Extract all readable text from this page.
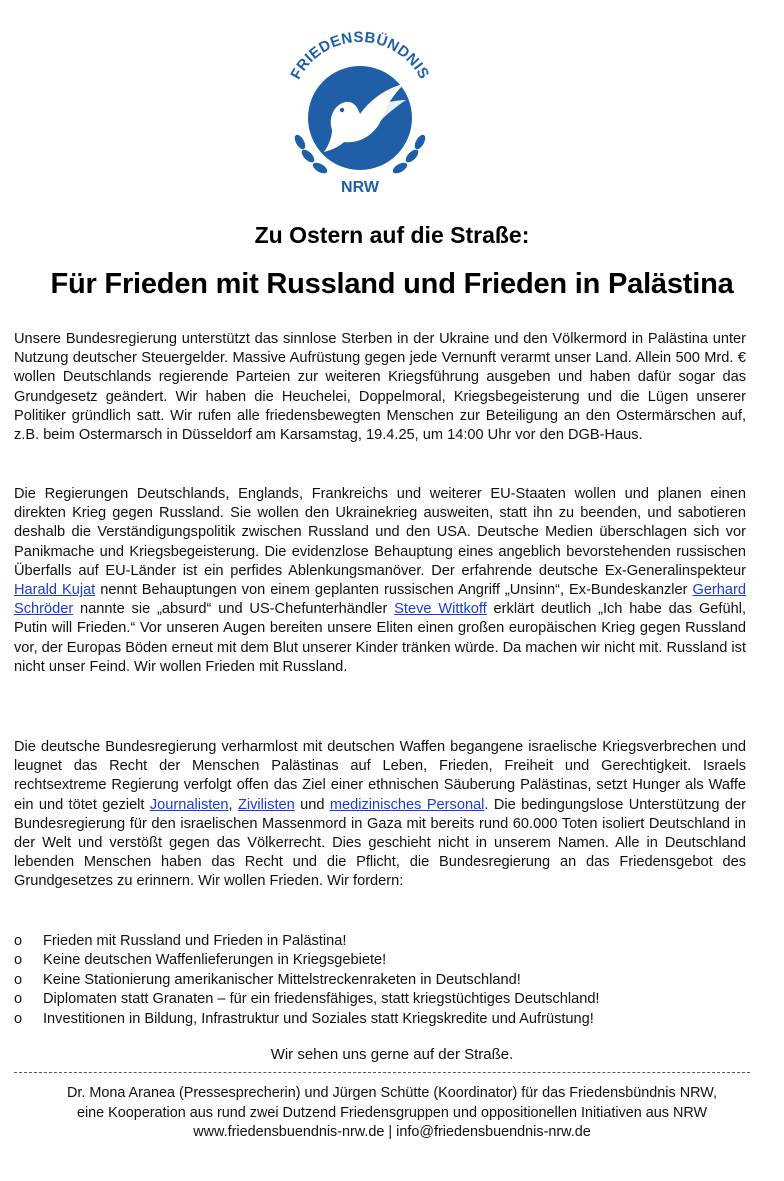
FRIEDENSBÜNDNIS
NRW
Zu Ostern auf die Straße:
Für Frieden mit Russland und Frieden in Palästina

Unsere Bundesregierung unterstützt das sinnlose Sterben in der Ukraine und den Völkermord in Palästina unter Nutzung deutscher Steuergelder. Massive Aufrüstung gegen jede Vernunft verarmt unser Land. Allein 500 Mrd. € wollen Deutschlands regierende Parteien zur weiteren Kriegsführung ausgeben und haben dafür sogar das Grundgesetz geändert. Wir haben die Heuchelei, Doppelmoral, Kriegsbegeisterung und die Lügen unserer Politiker gründlich satt. Wir rufen alle friedensbewegten Menschen zur Beteiligung an den Ostermärschen auf, z.B. beim Ostermarsch in Düsseldorf am Karsamstag, 19.4.25, um 14:00 Uhr vor den DGB-Haus.

Die Regierungen Deutschlands, Englands, Frankreichs und weiterer EU-Staaten wollen und planen einen direkten Krieg gegen Russland. Sie wollen den Ukrainekrieg ausweiten, statt ihn zu beenden, und sabotieren deshalb die Verständigungspolitik zwischen Russland und den USA. Deutsche Medien überschlagen sich vor Panikmache und Kriegsbegeisterung. Die evidenzlose Behauptung eines angeblich bevorstehenden russischen Überfalls auf EU-Länder ist ein perfides Ablenkungsmanöver. Der erfahrende deutsche Ex-Generalinspekteur Harald Kujat nennt Behauptungen von einem geplanten russischen Angriff „Unsinn“, Ex-Bundeskanzler Gerhard Schröder nannte sie „absurd“ und US-Chefunterhändler Steve Wittkoff erklärt deutlich „Ich habe das Gefühl, Putin will Frieden.“ Vor unseren Augen bereiten unsere Eliten einen großen europäischen Krieg gegen Russland vor, der Europas Böden erneut mit dem Blut unserer Kinder tränken würde. Da machen wir nicht mit. Russland ist nicht unser Feind. Wir wollen Frieden mit Russland.

Die deutsche Bundesregierung verharmlost mit deutschen Waffen begangene israelische Kriegsverbrechen und leugnet das Recht der Menschen Palästinas auf Leben, Frieden, Freiheit und Gerechtigkeit. Israels rechtsextreme Regierung verfolgt offen das Ziel einer ethnischen Säuberung Palästinas, setzt Hunger als Waffe ein und tötet gezielt Journalisten, Zivilisten und medizinisches Personal. Die bedingungslose Unterstützung der Bundesregierung für den israelischen Massenmord in Gaza mit bereits rund 60.000 Toten isoliert Deutschland in der Welt und verstößt gegen das Völkerrecht. Dies geschieht nicht in unserem Namen. Alle in Deutschland lebenden Menschen haben das Recht und die Pflicht, die Bundesregierung an das Friedensgebot des Grundgesetzes zu erinnern. Wir wollen Frieden. Wir fordern:

o	Frieden mit Russland und Frieden in Palästina!
o	Keine deutschen Waffenlieferungen in Kriegsgebiete!
o	Keine Stationierung amerikanischer Mittelstreckenraketen in Deutschland!
o	Diplomaten statt Granaten – für ein friedensfähiges, statt kriegstüchtiges Deutschland!
o	Investitionen in Bildung, Infrastruktur und Soziales statt Kriegskredite und Aufrüstung!
Wir sehen uns gerne auf der Straße.
Dr. Mona Aranea (Pressesprecherin) und Jürgen Schütte (Koordinator) für das Friedensbündnis NRW,
eine Kooperation aus rund zwei Dutzend Friedensgruppen und oppositionellen Initiativen aus NRW
www.friedensbuendnis-nrw.de | info@friedensbuendnis-nrw.de
